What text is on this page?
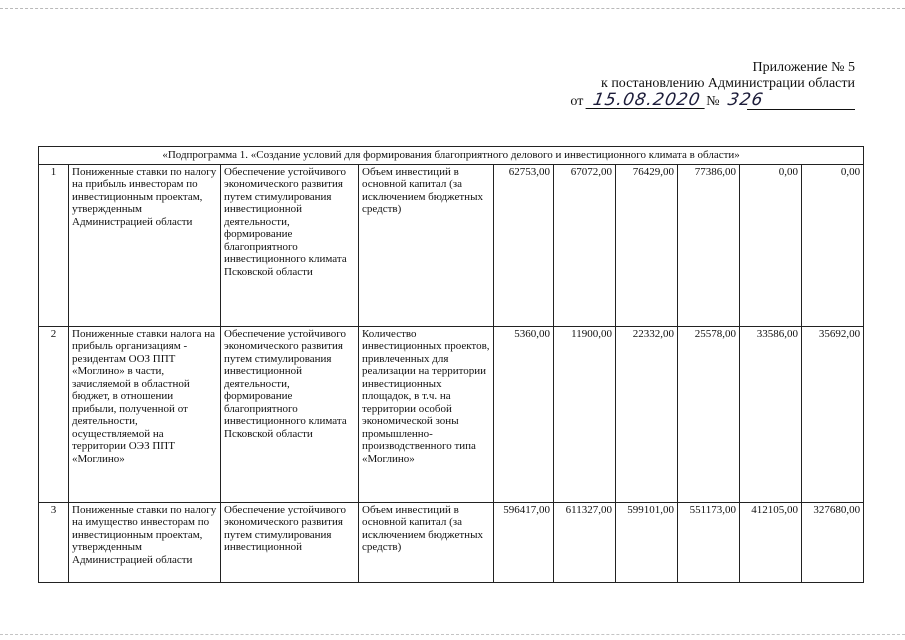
Приложение № 5
к постановлению Администрации области
от 15.08.2020 № 326
«Подпрограмма 1. «Создание условий для формирования благоприятного делового и инвестиционного климата в области»									
1	Пониженные ставки по налогу на прибыль инвесторам по инвестиционным проектам, утвержденным Администрацией области	Обеспечение устойчивого экономического развития путем стимулирования инвестиционной деятельности, формирование благоприятного инвестиционного климата Псковской области	Объем инвестиций в основной капитал (за исключением бюджетных средств)	62753,00	67072,00	76429,00	77386,00	0,00	0,00
2	Пониженные ставки налога на прибыль организациям - резидентам ООЗ ППТ «Моглино» в части, зачисляемой в областной бюджет, в отношении прибыли, полученной от деятельности, осуществляемой на территории ОЭЗ ППТ «Моглино»	Обеспечение устойчивого экономического развития путем стимулирования инвестиционной деятельности, формирование благоприятного инвестиционного климата Псковской области	Количество инвестиционных проектов, привлеченных для реализации на территории инвестиционных площадок, в т.ч. на территории особой экономической зоны промышленно-производственного типа «Моглино»	5360,00	11900,00	22332,00	25578,00	33586,00	35692,00
3	Пониженные ставки по налогу на имущество инвесторам по инвестиционным проектам, утвержденным Администрацией области	Обеспечение устойчивого экономического развития путем стимулирования инвестиционной	Объем инвестиций в основной капитал (за исключением бюджетных средств)	596417,00	611327,00	599101,00	551173,00	412105,00	327680,00
